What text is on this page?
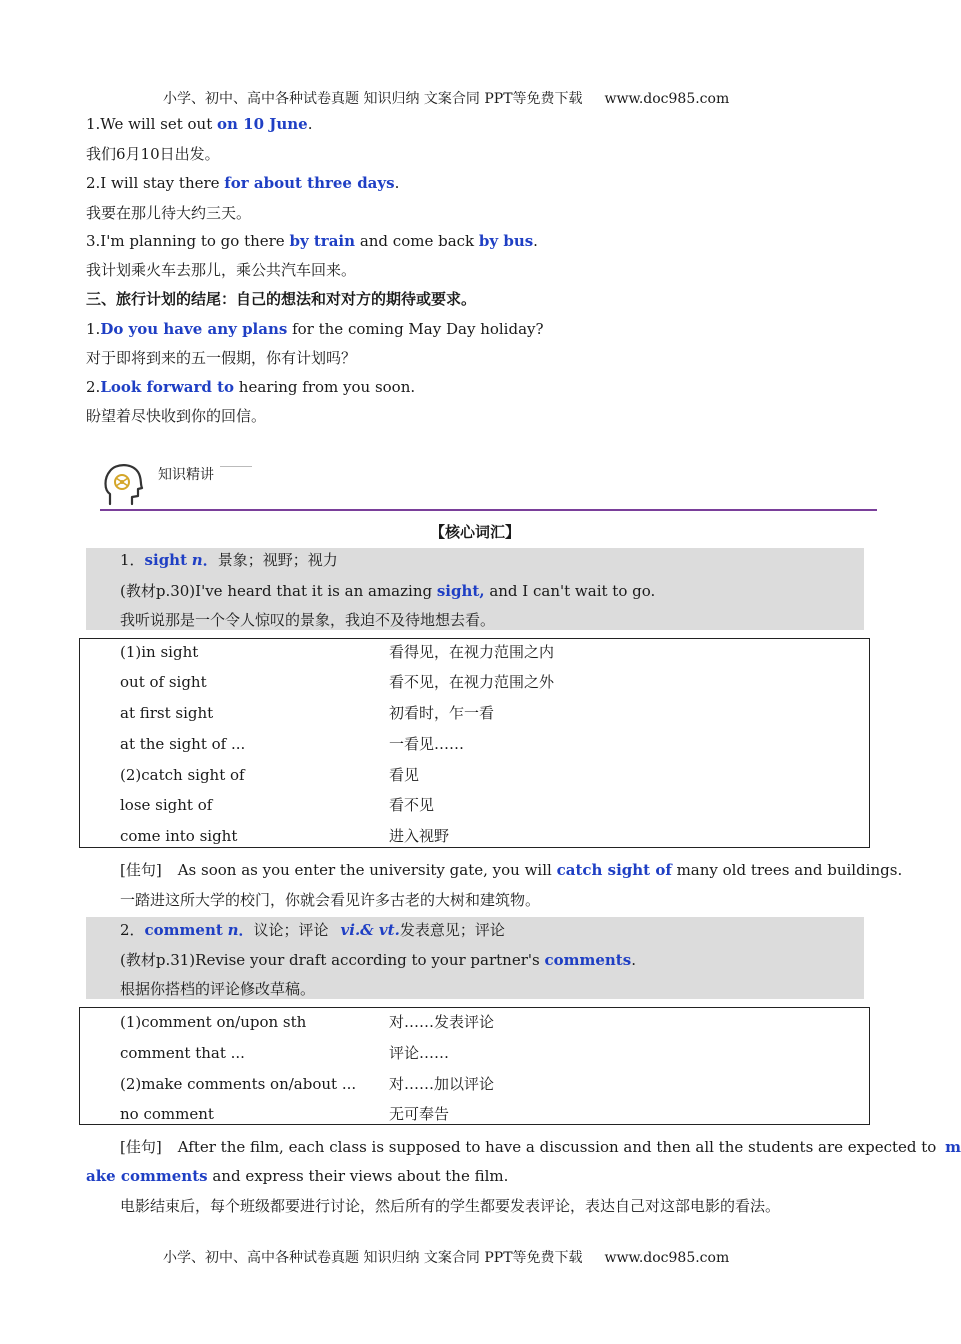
小学、初中、高中各种试卷真题 知识归纳 文案合同 PPT等免费下载 www.doc985.com
1.We will set out on 10 June.
我们6月10日出发。
2.I will stay there for about three days.
我要在那儿待大约三天。
3.I'm planning to go there by train and come back by bus.
我计划乘火车去那儿，乘公共汽车回来。
三、旅行计划的结尾：自己的想法和对对方的期待或要求。
1.Do you have any plans for the coming May Day holiday?
对于即将到来的五一假期，你有计划吗？
2.Look forward to hearing from you soon.
盼望着尽快收到你的回信。
知识精讲
【核心词汇】
1．sight n．景象；视野；视力
(教材p.30)I've heard that it is an amazing sight, and I can't wait to go.
我听说那是一个令人惊叹的景象，我迫不及待地想去看。
(1)in sight	看得见，在视力范围之内
out of sight	看不见，在视力范围之外
at first sight	初看时，乍一看
at the sight of ...	一看见……
(2)catch sight of	看见
lose sight of	看不见
come into sight	进入视野
[佳句] As soon as you enter the university gate, you will catch sight of many old trees and buildings.
一踏进这所大学的校门，你就会看见许多古老的大树和建筑物。
2．comment n．议论；评论 vi.& vt.发表意见；评论
(教材p.31)Revise your draft according to your partner's comments.
根据你搭档的评论修改草稿。
(1)comment on/upon sth	对……发表评论
comment that ...	评论……
(2)make comments on/about ... 对……加以评论
no comment	无可奉告
[佳句] After the film, each class is supposed to have a discussion and then all the students are expected to m
ake comments and express their views about the film.
电影结束后，每个班级都要进行讨论，然后所有的学生都要发表评论，表达自己对这部电影的看法。
小学、初中、高中各种试卷真题 知识归纳 文案合同 PPT等免费下载 www.doc985.com
